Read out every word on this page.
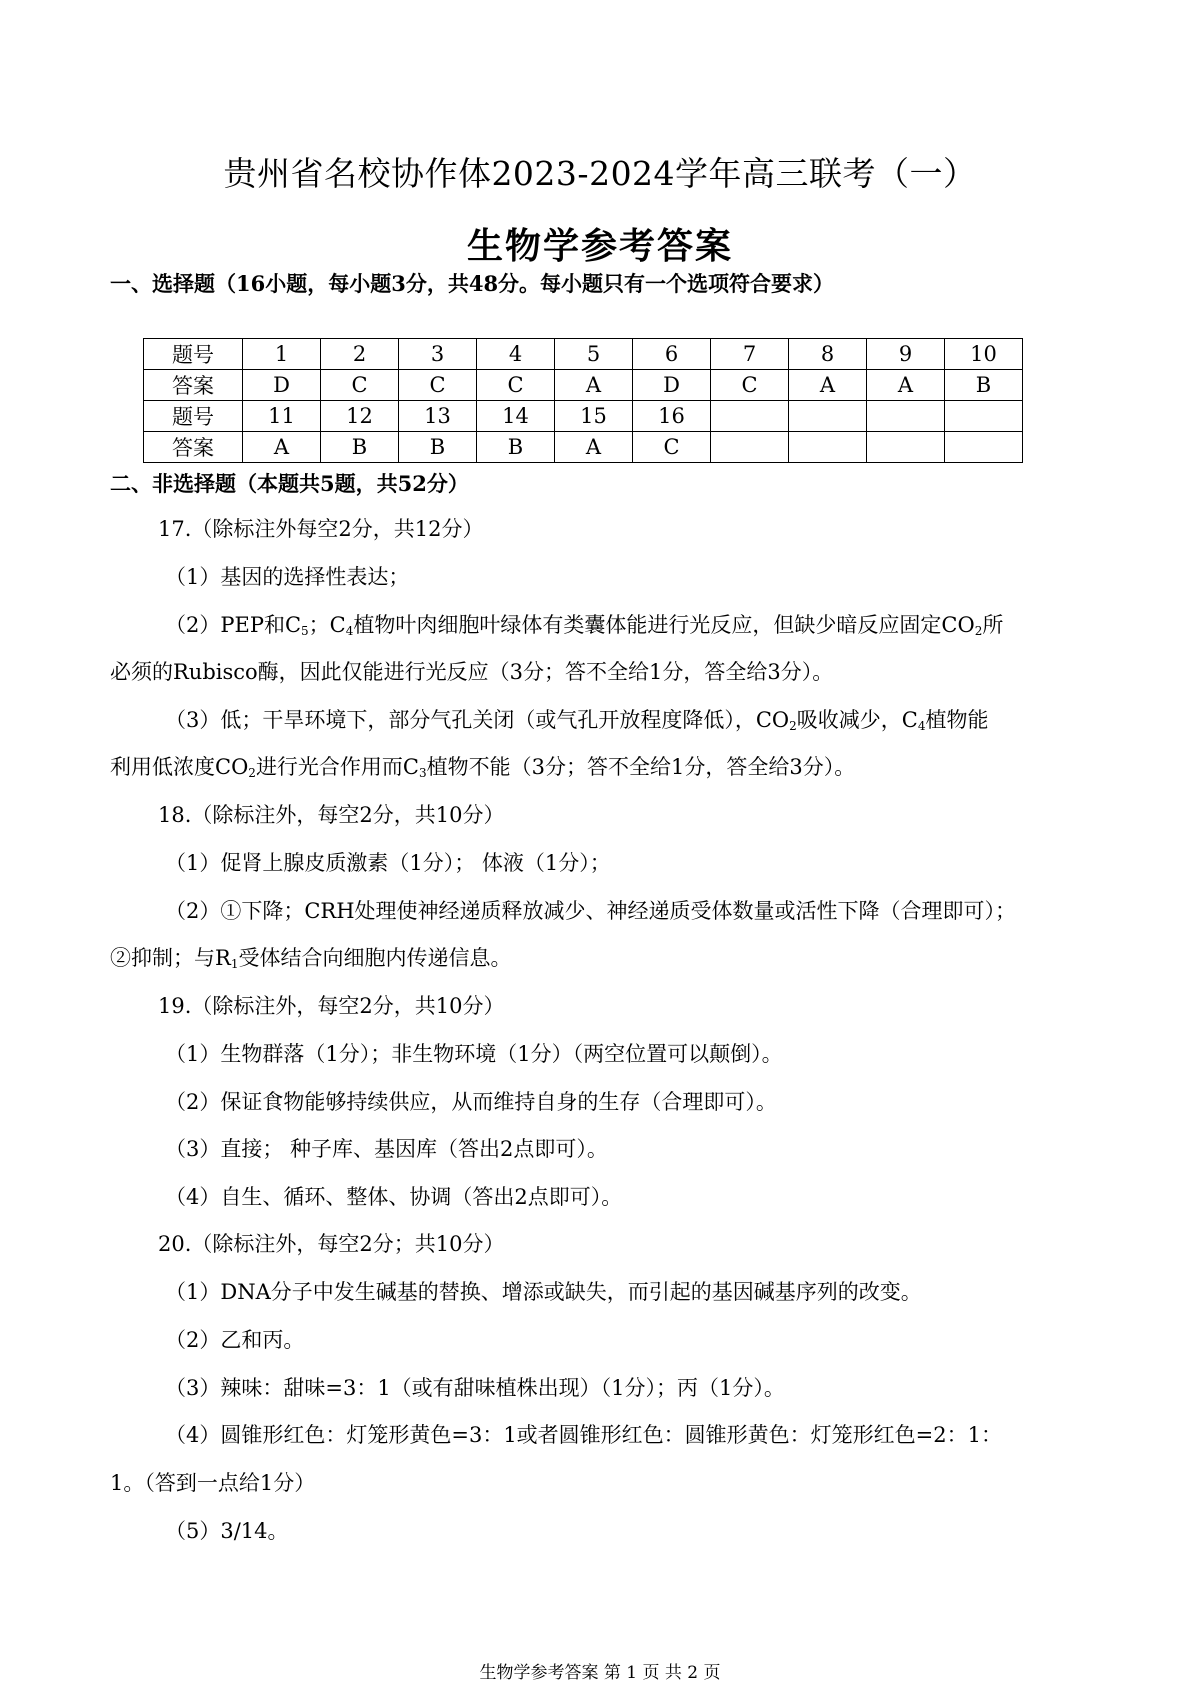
贵州省名校协作体2023-2024学年高三联考（一）
生物学参考答案
一、选择题（16小题，每小题3分，共48分。每小题只有一个选项符合要求）
题号	1	2	3	4	5	6	7	8	9	10
答案	D	C	C	C	A	D	C	A	A	B
题号	11	12	13	14	15	16				
答案	A	B	B	B	A	C				
二、非选择题（本题共5题，共52分）
17.（除标注外每空2分，共12分）
（1）基因的选择性表达；
（2）PEP和$C_5$；$C_4$植物叶肉细胞叶绿体有类囊体能进行光反应，但缺少暗反应固定$CO_2$所
必须的Rubisco酶，因此仅能进行光反应（3分；答不全给1分，答全给3分）。
（3）低；干旱环境下，部分气孔关闭（或气孔开放程度降低），$CO_2$吸收减少，$C_4$植物能
利用低浓度$CO_2$进行光合作用而$C_3$植物不能（3分；答不全给1分，答全给3分）。
18.（除标注外，每空2分，共10分）
（1）促肾上腺皮质激素（1分）； 体液（1分）；
（2）①下降；CRH处理使神经递质释放减少、神经递质受体数量或活性下降（合理即可）；
②抑制；与$R_1$受体结合向细胞内传递信息。
19.（除标注外，每空2分，共10分）
（1）生物群落（1分）；非生物环境（1分）（两空位置可以颠倒）。
（2）保证食物能够持续供应，从而维持自身的生存（合理即可）。
（3）直接； 种子库、基因库（答出2点即可）。
（4）自生、循环、整体、协调（答出2点即可）。
20.（除标注外，每空2分；共10分）
（1）DNA分子中发生碱基的替换、增添或缺失，而引起的基因碱基序列的改变。
（2）乙和丙。
（3）辣味：甜味=3：1（或有甜味植株出现）（1分）；丙（1分）。
（4）圆锥形红色：灯笼形黄色=3：1或者圆锥形红色：圆锥形黄色：灯笼形红色=2：1：
1。（答到一点给1分）
（5）3/14。
生物学参考答案 第 1 页 共 2 页
